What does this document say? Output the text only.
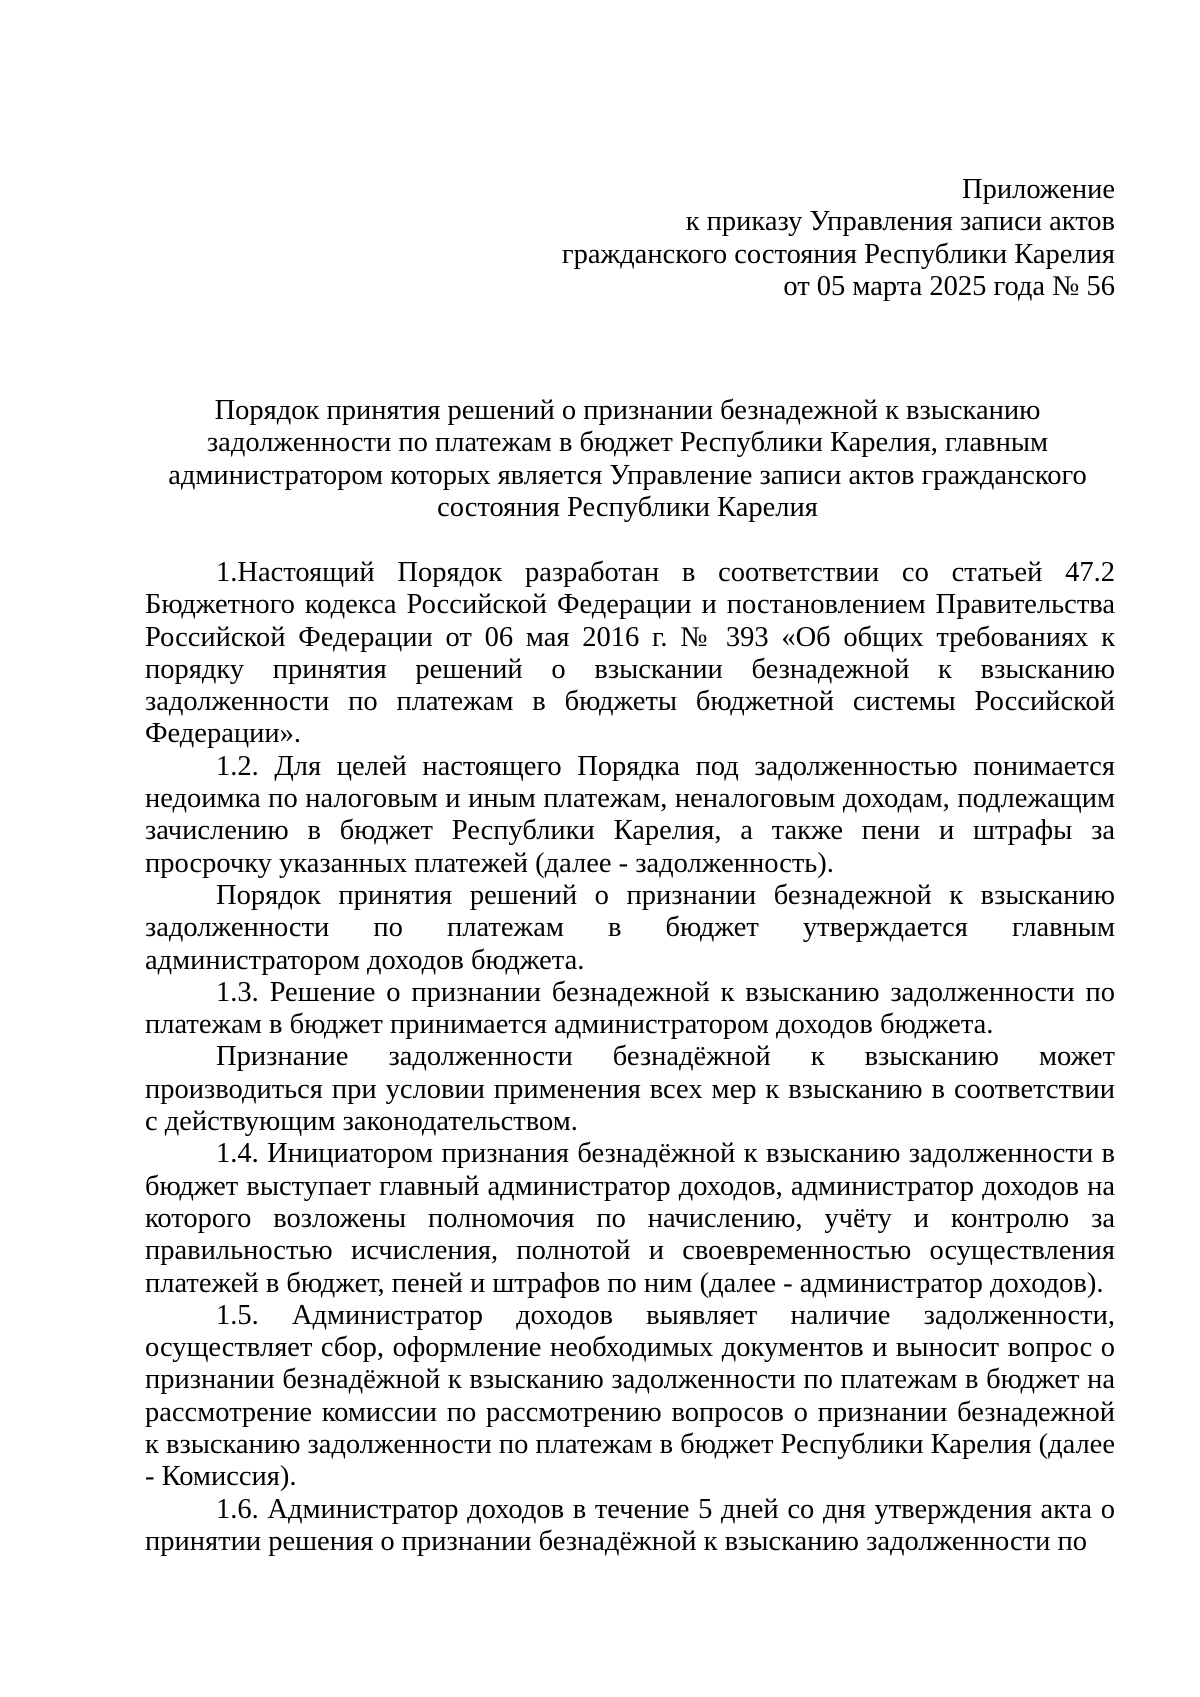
Приложение
к приказу Управления записи актов
гражданского состояния Республики Карелия
от 05 марта 2025 года № 56
Порядок принятия решений о признании безнадежной к взысканию
задолженности по платежам в бюджет Республики Карелия, главным
администратором которых является Управление записи актов гражданского
состояния Республики Карелия

1.Настоящий Порядок разработан в соответствии со статьей 47.2 Бюджетного кодекса Российской Федерации и постановлением Правительства Российской Федерации от 06 мая 2016 г. № 393 «Об общих требованиях к порядку принятия решений о взыскании безнадежной к взысканию задолженности по платежам в бюджеты бюджетной системы Российской Федерации».

1.2. Для целей настоящего Порядка под задолженностью понимается недоимка по налоговым и иным платежам, неналоговым доходам, подлежащим зачислению в бюджет Республики Карелия, а также пени и штрафы за просрочку указанных платежей (далее - задолженность).

Порядок принятия решений о признании безнадежной к взысканию задолженности по платежам в бюджет утверждается главным администратором доходов бюджета.

1.3. Решение о признании безнадежной к взысканию задолженности по платежам в бюджет принимается администратором доходов бюджета.

Признание задолженности безнадёжной к взысканию может производиться при условии применения всех мер к взысканию в соответствии с действующим законодательством.

1.4. Инициатором признания безнадёжной к взысканию задолженности в бюджет выступает главный администратор доходов, администратор доходов на которого возложены полномочия по начислению, учёту и контролю за правильностью исчисления, полнотой и своевременностью осуществления платежей в бюджет, пеней и штрафов по ним (далее - администратор доходов).

1.5. Администратор доходов выявляет наличие задолженности, осуществляет сбор, оформление необходимых документов и выносит вопрос о признании безнадёжной к взысканию задолженности по платежам в бюджет на рассмотрение комиссии по рассмотрению вопросов о признании безнадежной к взысканию задолженности по платежам в бюджет Республики Карелия (далее - Комиссия).

1.6. Администратор доходов в течение 5 дней со дня утверждения акта о принятии решения о признании безнадёжной к взысканию задолженности по
